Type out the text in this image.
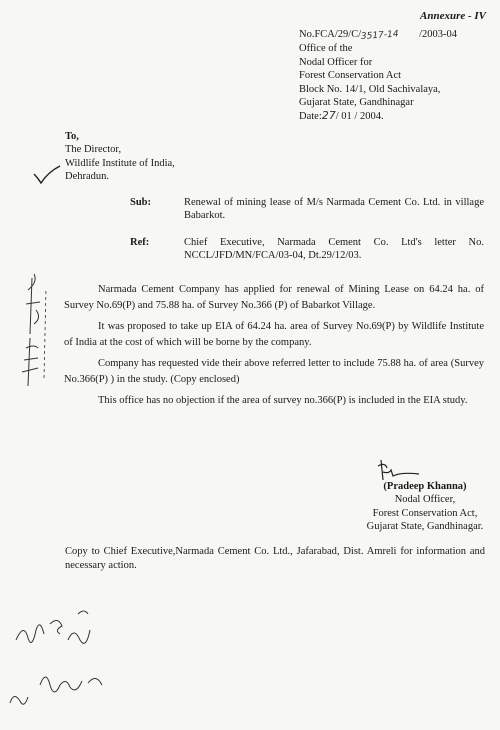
Annexure - IV
No.FCA/29/C/3517-14 /2003-04
Office of the
Nodal Officer for
Forest Conservation Act
Block No. 14/1, Old Sachivalaya,
Gujarat State, Gandhinagar
Date:27/ 01 / 2004.
To,
The Director,
Wildlife Institute of India,
Dehradun.
Sub:	Renewal of mining lease of M/s Narmada Cement Co. Ltd. in village Babarkot.
Ref:	Chief Executive, Narmada Cement Co. Ltd's letter No. NCCL/JFD/MN/FCA/03-04, Dt.29/12/03.

Narmada Cement Company has applied for renewal of Mining Lease on 64.24 ha. of Survey No.69(P) and 75.88 ha. of Survey No.366 (P) of Babarkot Village.

It was proposed to take up EIA of 64.24 ha. area of Survey No.69(P) by Wildlife Institute of India at the cost of which will be borne by the company.

Company has requested vide their above referred letter to include 75.88 ha. of area (Survey No.366(P) ) in the study. (Copy enclosed)

This office has no objection if the area of survey no.366(P) is included in the EIA study.

(Pradeep Khanna)
Nodal Officer,
Forest Conservation Act,
Gujarat State, Gandhinagar.
Copy to Chief Executive,Narmada Cement Co. Ltd., Jafarabad, Dist. Amreli for information and necessary action.
